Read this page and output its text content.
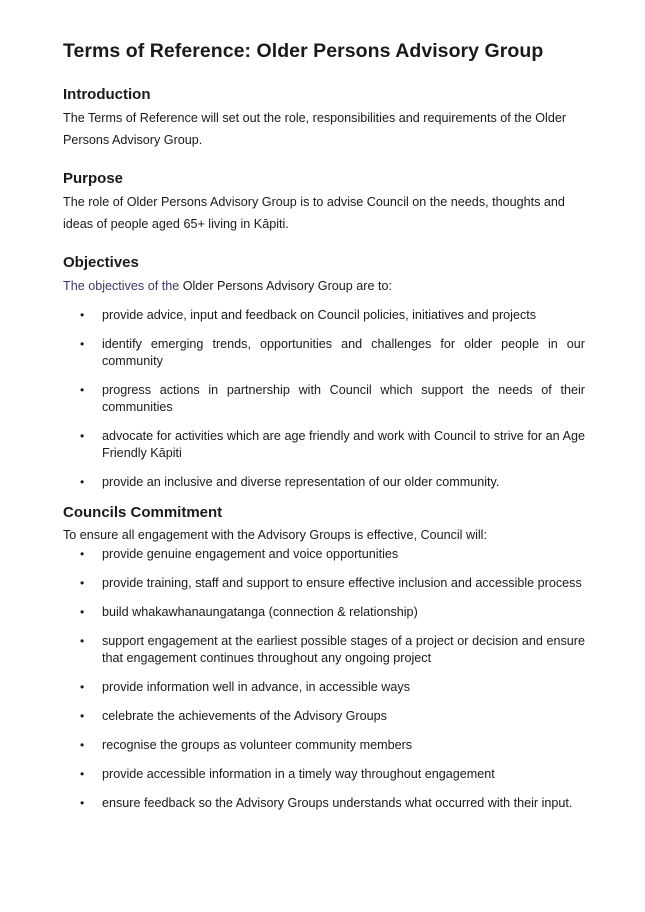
Terms of Reference: Older Persons Advisory Group
Introduction

The Terms of Reference will set out the role, responsibilities and requirements of the Older Persons Advisory Group.

Purpose

The role of Older Persons Advisory Group is to advise Council on the needs, thoughts and ideas of people aged 65+ living in Kāpiti.

Objectives

The objectives of the Older Persons Advisory Group are to:

• provide advice, input and feedback on Council policies, initiatives and projects
• identify emerging trends, opportunities and challenges for older people in our community
• progress actions in partnership with Council which support the needs of their communities
• advocate for activities which are age friendly and work with Council to strive for an Age Friendly Kāpiti
• provide an inclusive and diverse representation of our older community.
Councils Commitment

To ensure all engagement with the Advisory Groups is effective, Council will:

• provide genuine engagement and voice opportunities
• provide training, staff and support to ensure effective inclusion and accessible process
• build whakawhanaungatanga (connection & relationship)
• support engagement at the earliest possible stages of a project or decision and ensure that engagement continues throughout any ongoing project
• provide information well in advance, in accessible ways
• celebrate the achievements of the Advisory Groups
• recognise the groups as volunteer community members
• provide accessible information in a timely way throughout engagement
• ensure feedback so the Advisory Groups understands what occurred with their input.
